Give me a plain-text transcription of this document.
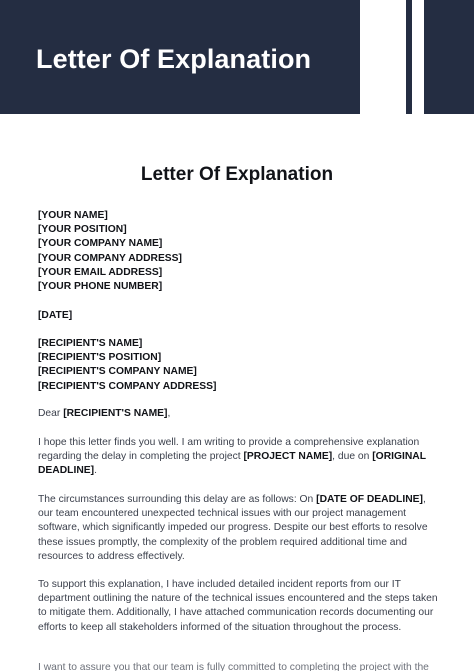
Letter Of Explanation
Letter Of Explanation
[YOUR NAME]
[YOUR POSITION]
[YOUR COMPANY NAME]
[YOUR COMPANY ADDRESS]
[YOUR EMAIL ADDRESS]
[YOUR PHONE NUMBER]
[DATE]
[RECIPIENT'S NAME]
[RECIPIENT'S POSITION]
[RECIPIENT'S COMPANY NAME]
[RECIPIENT'S COMPANY ADDRESS]
Dear [RECIPIENT'S NAME],
I hope this letter finds you well. I am writing to provide a comprehensive explanation regarding the delay in completing the project [PROJECT NAME], due on [ORIGINAL DEADLINE].
The circumstances surrounding this delay are as follows: On [DATE OF DEADLINE], our team encountered unexpected technical issues with our project management software, which significantly impeded our progress. Despite our best efforts to resolve these issues promptly, the complexity of the problem required additional time and resources to address effectively.
To support this explanation, I have included detailed incident reports from our IT department outlining the nature of the technical issues encountered and the steps taken to mitigate them. Additionally, I have attached communication records documenting our efforts to keep all stakeholders informed of the situation throughout the process.
I want to assure you that our team is fully committed to completing the project with the
